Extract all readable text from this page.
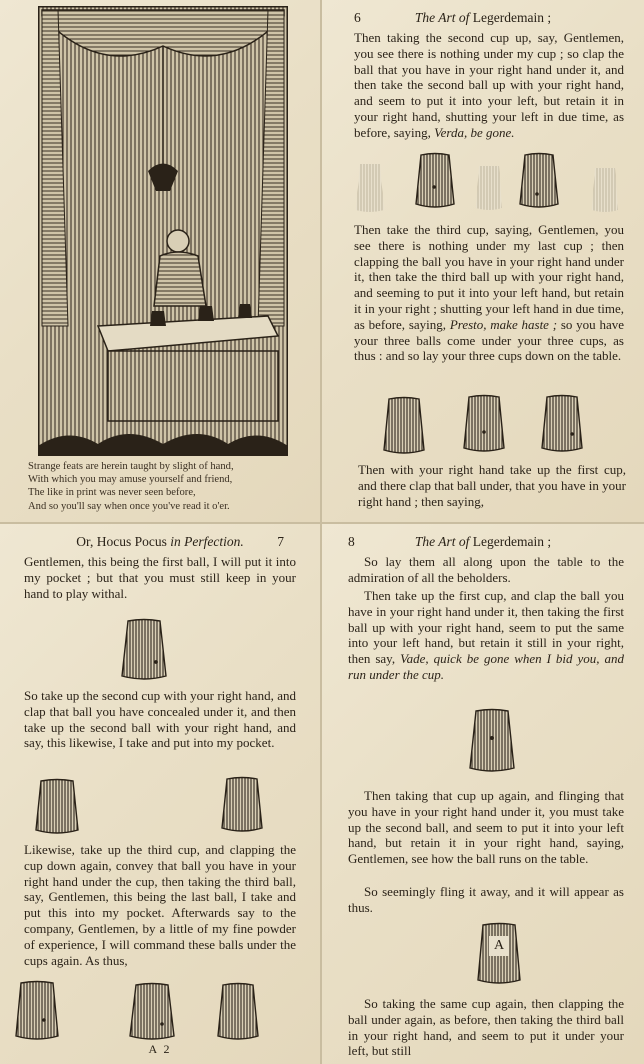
Strange feats are herein taught by slight of hand,
With which you may amuse yourself and friend,
The like in print was never seen before,
And so you'll say when once you've read it o'er.
6	The Art of Legerdemain ;
Then taking the second cup up, say, Gentlemen, you see there is nothing under my cup ; so clap the ball that you have in your right hand under it, and then take the second ball up with your right hand, and seem to put it into your left, but retain it in your right hand, shutting your left in due time, as before, saying, Verda, be gone.
Then take the third cup, saying, Gentlemen, you see there is nothing under my last cup ; then clapping the ball you have in your right hand under it, then take the third ball up with your right hand, and seeming to put it into your left hand, but retain it in your right ; shutting your left hand in due time, as before, saying, Presto, make haste ; so you have your three balls come under your three cups, as thus : and so lay your three cups down on the table.
Then with your right hand take up the first cup, and there clap that ball under, that you have in your right hand ; then saying,
Or, Hocus Pocus in Perfection.	7
Gentlemen, this being the first ball, I will put it into my pocket ; but that you must still keep in your hand to play withal.
So take up the second cup with your right hand, and clap that ball you have concealed under it, and then take up the second ball with your right hand, and say, this likewise, I take and put into my pocket.
Likewise, take up the third cup, and clapping the cup down again, convey that ball you have in your right hand under the cup, then taking the third ball, say, Gentlemen, this being the last ball, I take and put this into my pocket. Afterwards say to the company, Gentlemen, by a little of my fine powder of experience, I will command these balls under the cups again. As thus,
A 2
8	The Art of Legerdemain ;
So lay them all along upon the table to the admiration of all the beholders.
Then take up the first cup, and clap the ball you have in your right hand under it, then taking the first ball up with your right hand, seem to put the same into your left hand, but retain it still in your right, then say, Vade, quick be gone when I bid you, and run under the cup.
Then taking that cup up again, and flinging that you have in your right hand under it, you must take up the second ball, and seem to put it into your left hand, but retain it in your right hand, saying, Gentlemen, see how the ball runs on the table.
So seemingly fling it away, and it will appear as thus.
A
So taking the same cup again, then clapping the ball under again, as before, then taking the third ball in your right hand, and seem to put it under your left, but still
